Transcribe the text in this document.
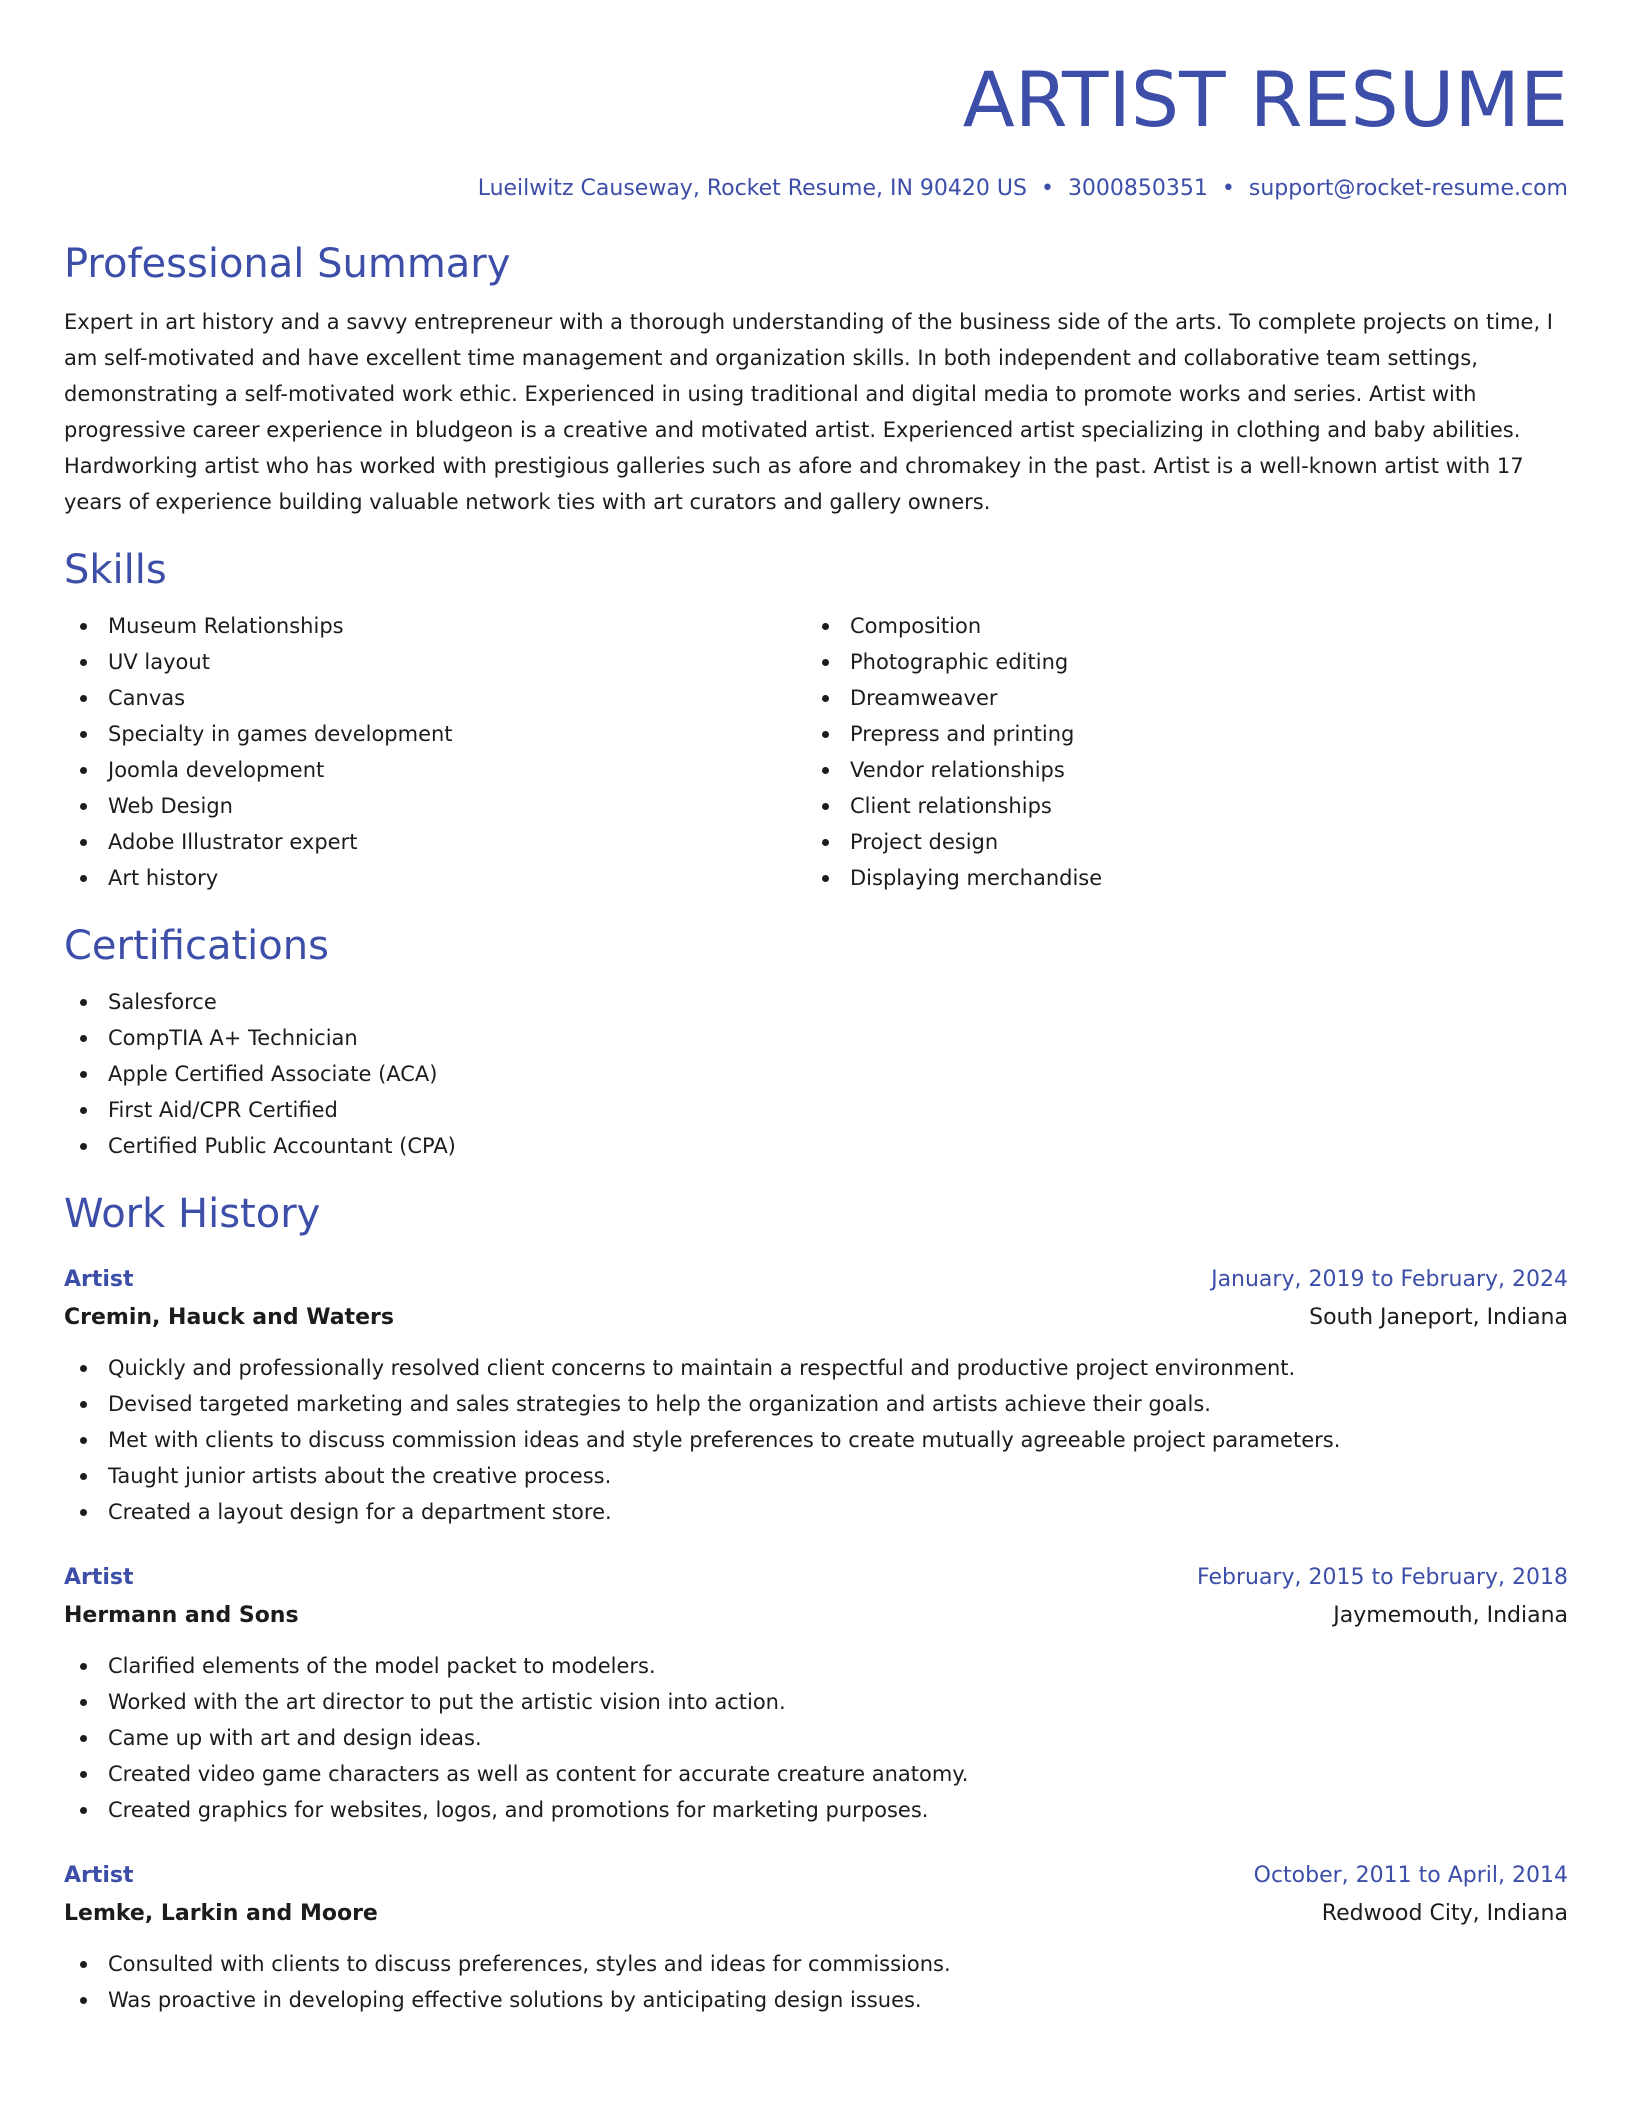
ARTIST RESUME
Lueilwitz Causeway, Rocket Resume, IN 90420 US • 3000850351 • support@rocket-resume.com
Professional Summary

Expert in art history and a savvy entrepreneur with a thorough understanding of the business side of the arts. To complete projects on time, I am self-motivated and have excellent time management and organization skills. In both independent and collaborative team settings, demonstrating a self-motivated work ethic. Experienced in using traditional and digital media to promote works and series. Artist with progressive career experience in bludgeon is a creative and motivated artist. Experienced artist specializing in clothing and baby abilities. Hardworking artist who has worked with prestigious galleries such as afore and chromakey in the past. Artist is a well-known artist with 17 years of experience building valuable network ties with art curators and gallery owners.

Skills
Museum Relationships
UV layout
Canvas
Specialty in games development
Joomla development
Web Design
Adobe Illustrator expert
Art history
Composition
Photographic editing
Dreamweaver
Prepress and printing
Vendor relationships
Client relationships
Project design
Displaying merchandise
Certifications
Salesforce
CompTIA A+ Technician
Apple Certified Associate (ACA)
First Aid/CPR Certified
Certified Public Accountant (CPA)
Work History
Artist	January, 2019 to February, 2024
Cremin, Hauck and Waters	South Janeport, Indiana
Quickly and professionally resolved client concerns to maintain a respectful and productive project environment.
Devised targeted marketing and sales strategies to help the organization and artists achieve their goals.
Met with clients to discuss commission ideas and style preferences to create mutually agreeable project parameters.
Taught junior artists about the creative process.
Created a layout design for a department store.
Artist	February, 2015 to February, 2018
Hermann and Sons	Jaymemouth, Indiana
Clarified elements of the model packet to modelers.
Worked with the art director to put the artistic vision into action.
Came up with art and design ideas.
Created video game characters as well as content for accurate creature anatomy.
Created graphics for websites, logos, and promotions for marketing purposes.
Artist	October, 2011 to April, 2014
Lemke, Larkin and Moore	Redwood City, Indiana
Consulted with clients to discuss preferences, styles and ideas for commissions.
Was proactive in developing effective solutions by anticipating design issues.
